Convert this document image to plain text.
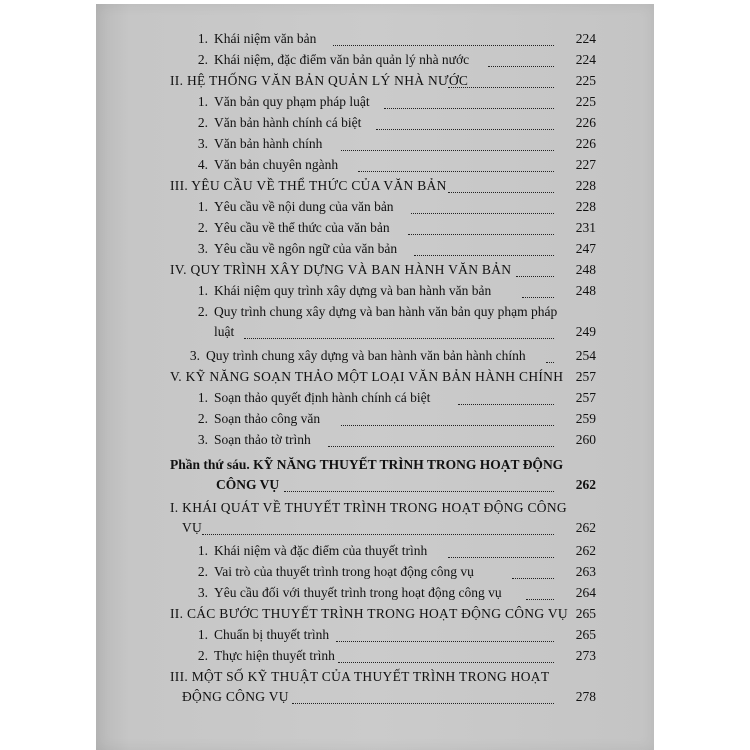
1. Khái niệm văn bản	224
2. Khái niệm, đặc điểm văn bản quản lý nhà nước	224
II. HỆ THỐNG VĂN BẢN QUẢN LÝ NHÀ NƯỚC	225
1. Văn bản quy phạm pháp luật	225
2. Văn bản hành chính cá biệt	226
3. Văn bản hành chính	226
4. Văn bản chuyên ngành	227
III. YÊU CẦU VỀ THỂ THỨC CỦA VĂN BẢN	228
1. Yêu cầu về nội dung của văn bản	228
2. Yêu cầu về thể thức của văn bản	231
3. Yêu cầu về ngôn ngữ của văn bản	247
IV. QUY TRÌNH XÂY DỰNG VÀ BAN HÀNH VĂN BẢN	248
1. Khái niệm quy trình xây dựng và ban hành văn bản	248
2. Quy trình chung xây dựng và ban hành văn bản quy phạm pháp
luật	249
3. Quy trình chung xây dựng và ban hành văn bản hành chính	254
V. KỸ NĂNG SOẠN THẢO MỘT LOẠI VĂN BẢN HÀNH CHÍNH 257
1. Soạn thảo quyết định hành chính cá biệt	257
2. Soạn thảo công văn	259
3. Soạn thảo tờ trình	260
Phần thứ sáu. KỸ NĂNG THUYẾT TRÌNH TRONG HOẠT ĐỘNG
CÔNG VỤ	262
I. KHÁI QUÁT VỀ THUYẾT TRÌNH TRONG HOẠT ĐỘNG CÔNG
VỤ	262
1. Khái niệm và đặc điểm của thuyết trình	262
2. Vai trò của thuyết trình trong hoạt động công vụ	263
3. Yêu cầu đối với thuyết trình trong hoạt động công vụ	264
II. CÁC BƯỚC THUYẾT TRÌNH TRONG HOẠT ĐỘNG CÔNG VỤ 265
1. Chuẩn bị thuyết trình	265
2. Thực hiện thuyết trình	273
III. MỘT SỐ KỸ THUẬT CỦA THUYẾT TRÌNH TRONG HOẠT
ĐỘNG CÔNG VỤ	278
